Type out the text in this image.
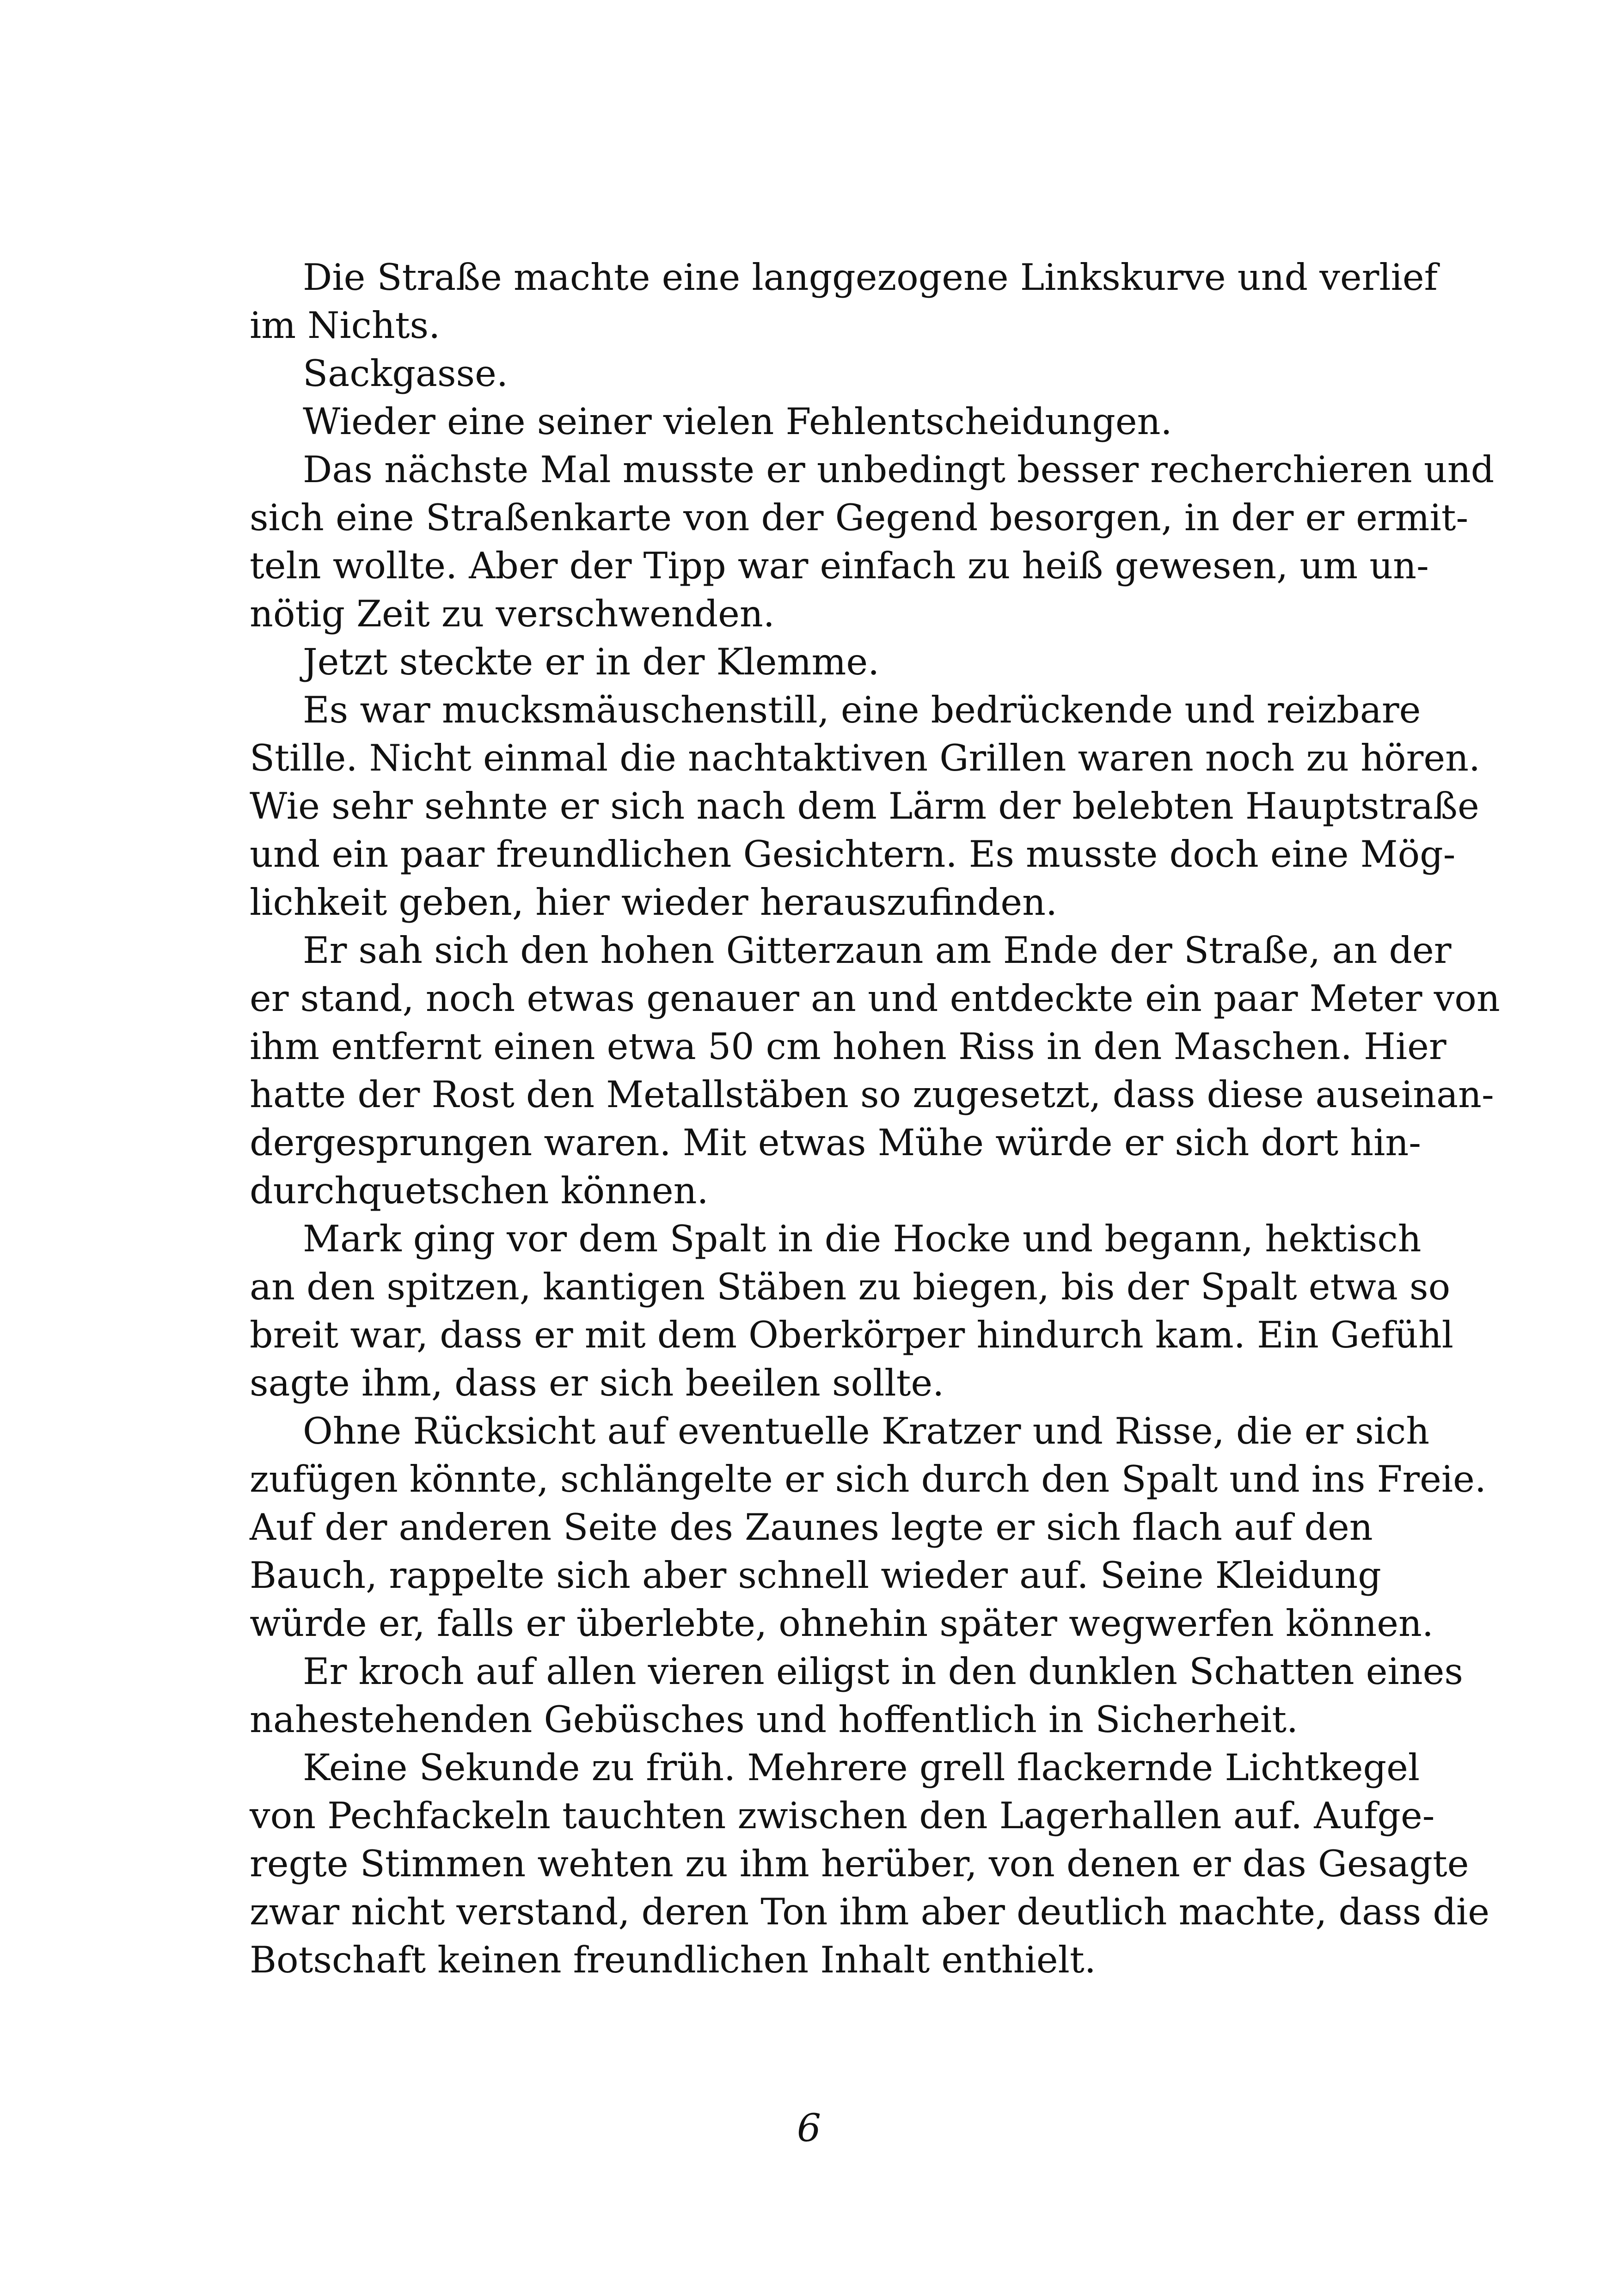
Die Straße machte eine langgezogene Linkskurve und verlief
im Nichts.

Sackgasse.

Wieder eine seiner vielen Fehlentscheidungen.

Das nächste Mal musste er unbedingt besser recherchieren und
sich eine Straßenkarte von der Gegend besorgen, in der er ermit-
teln wollte. Aber der Tipp war einfach zu heiß gewesen, um un-
nötig Zeit zu verschwenden.

Jetzt steckte er in der Klemme.

Es war mucksmäuschenstill, eine bedrückende und reizbare
Stille. Nicht einmal die nachtaktiven Grillen waren noch zu hören.
Wie sehr sehnte er sich nach dem Lärm der belebten Hauptstraße
und ein paar freundlichen Gesichtern. Es musste doch eine Mög-
lichkeit geben, hier wieder herauszufinden.

Er sah sich den hohen Gitterzaun am Ende der Straße, an der
er stand, noch etwas genauer an und entdeckte ein paar Meter von
ihm entfernt einen etwa 50 cm hohen Riss in den Maschen. Hier
hatte der Rost den Metallstäben so zugesetzt, dass diese auseinan-
dergesprungen waren. Mit etwas Mühe würde er sich dort hin-
durchquetschen können.

Mark ging vor dem Spalt in die Hocke und begann, hektisch
an den spitzen, kantigen Stäben zu biegen, bis der Spalt etwa so
breit war, dass er mit dem Oberkörper hindurch kam. Ein Gefühl
sagte ihm, dass er sich beeilen sollte.

Ohne Rücksicht auf eventuelle Kratzer und Risse, die er sich
zufügen könnte, schlängelte er sich durch den Spalt und ins Freie.
Auf der anderen Seite des Zaunes legte er sich flach auf den
Bauch, rappelte sich aber schnell wieder auf. Seine Kleidung
würde er, falls er überlebte, ohnehin später wegwerfen können.

Er kroch auf allen vieren eiligst in den dunklen Schatten eines
nahestehenden Gebüsches und hoffentlich in Sicherheit.

Keine Sekunde zu früh. Mehrere grell flackernde Lichtkegel
von Pechfackeln tauchten zwischen den Lagerhallen auf. Aufge-
regte Stimmen wehten zu ihm herüber, von denen er das Gesagte
zwar nicht verstand, deren Ton ihm aber deutlich machte, dass die
Botschaft keinen freundlichen Inhalt enthielt.

6
